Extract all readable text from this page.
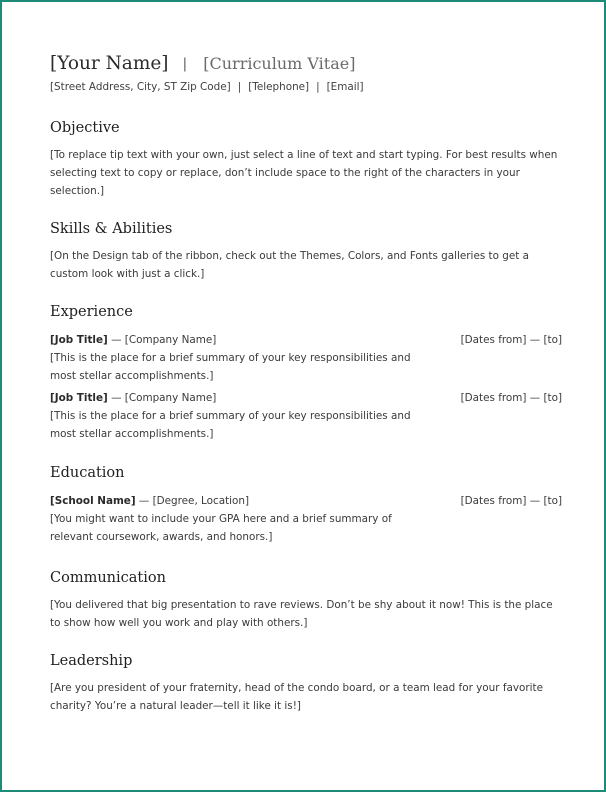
[Your Name] | [Curriculum Vitae]
[Street Address, City, ST Zip Code] | [Telephone] | [Email]
Objective
[To replace tip text with your own, just select a line of text and start typing. For best results when selecting text to copy or replace, don’t include space to the right of the characters in your selection.]
Skills & Abilities
[On the Design tab of the ribbon, check out the Themes, Colors, and Fonts galleries to get a custom look with just a click.]
Experience
[Job Title] — [Company Name]	[Dates from] — [to]
[This is the place for a brief summary of your key responsibilities and most stellar accomplishments.]
[Job Title] — [Company Name]	[Dates from] — [to]
[This is the place for a brief summary of your key responsibilities and most stellar accomplishments.]
Education
[School Name] — [Degree, Location]	[Dates from] — [to]
[You might want to include your GPA here and a brief summary of relevant coursework, awards, and honors.]
Communication
[You delivered that big presentation to rave reviews. Don’t be shy about it now! This is the place to show how well you work and play with others.]
Leadership
[Are you president of your fraternity, head of the condo board, or a team lead for your favorite charity? You’re a natural leader—tell it like it is!]
